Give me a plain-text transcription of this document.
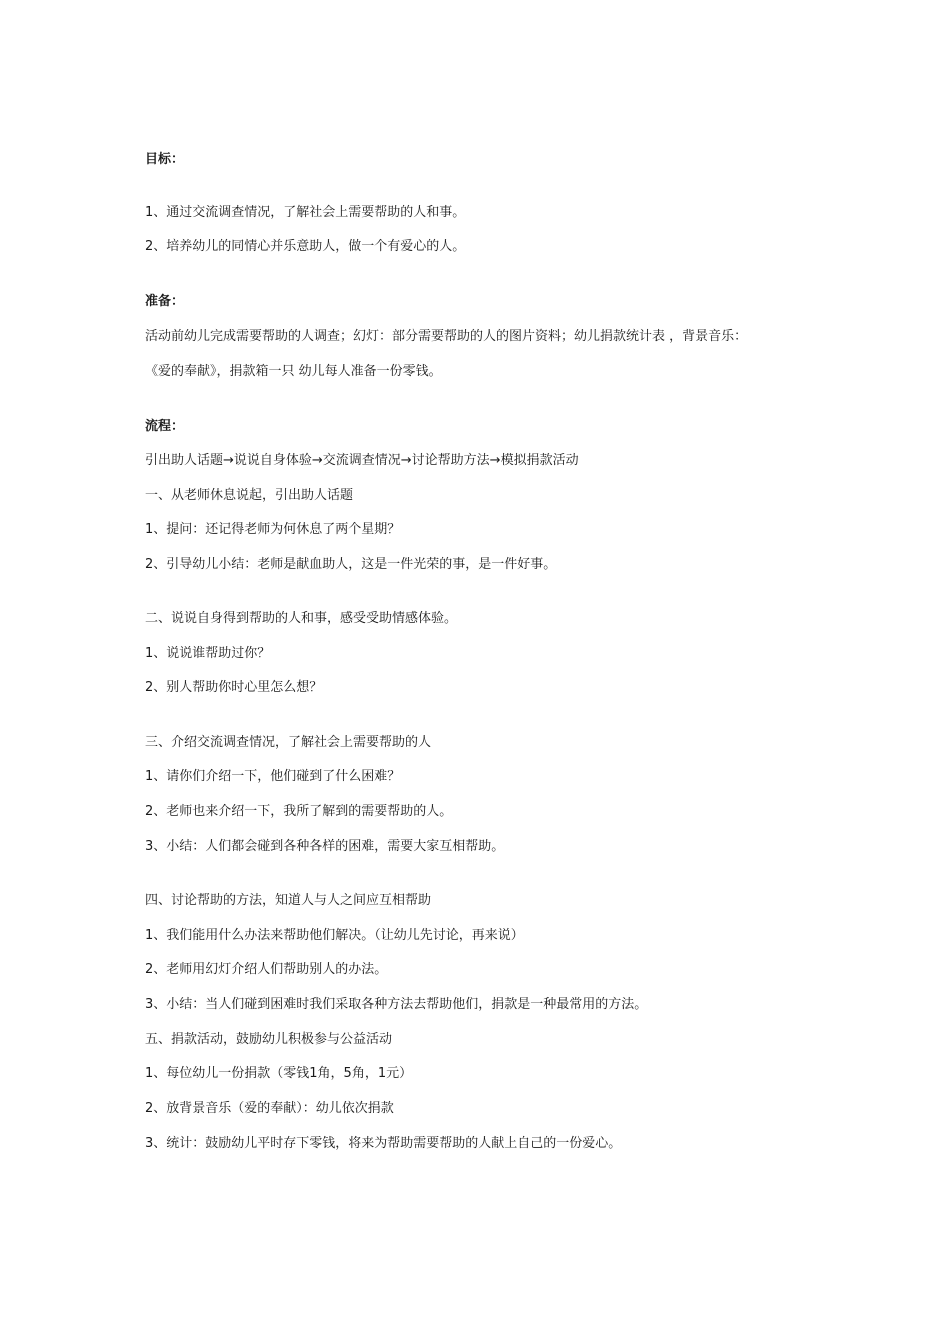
目标：
1、通过交流调查情况，了解社会上需要帮助的人和事。
2、培养幼儿的同情心并乐意助人，做一个有爱心的人。
准备：
活动前幼儿完成需要帮助的人调查；幻灯：部分需要帮助的人的图片资料；幼儿捐款统计表 ，背景音乐：
《爱的奉献》，捐款箱一只 幼儿每人准备一份零钱。
流程：
引出助人话题→说说自身体验→交流调查情况→讨论帮助方法→模拟捐款活动
一、从老师休息说起，引出助人话题
1、提问：还记得老师为何休息了两个星期？
2、引导幼儿小结：老师是献血助人，这是一件光荣的事，是一件好事。
二、说说自身得到帮助的人和事，感受受助情感体验。
1、说说谁帮助过你？
2、别人帮助你时心里怎么想？
三、介绍交流调查情况，了解社会上需要帮助的人
1、请你们介绍一下，他们碰到了什么困难？
2、老师也来介绍一下，我所了解到的需要帮助的人。
3、小结：人们都会碰到各种各样的困难，需要大家互相帮助。
四、讨论帮助的方法，知道人与人之间应互相帮助
1、我们能用什么办法来帮助他们解决。（让幼儿先讨论，再来说）
2、老师用幻灯介绍人们帮助别人的办法。
3、小结：当人们碰到困难时我们采取各种方法去帮助他们，捐款是一种最常用的方法。
五、捐款活动，鼓励幼儿积极参与公益活动
1、每位幼儿一份捐款（零钱1角，5角，1元）
2、放背景音乐（爱的奉献）：幼儿依次捐款
3、统计：鼓励幼儿平时存下零钱，将来为帮助需要帮助的人献上自己的一份爱心。
